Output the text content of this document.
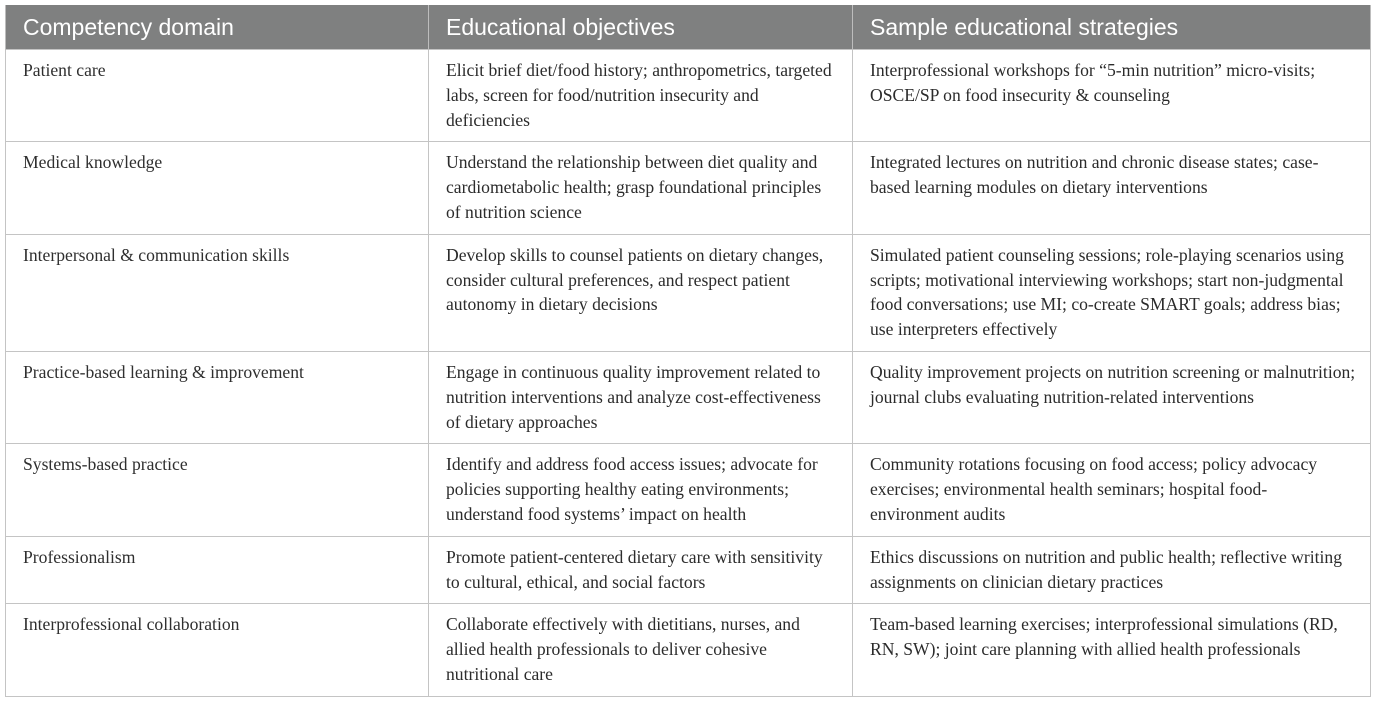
Competency domain	Educational objectives	Sample educational strategies
Patient care	Elicit brief diet/food history; anthropometrics, targeted labs, screen for food/nutrition insecurity and deficiencies	Interprofessional workshops for “5-min nutrition” micro-visits; OSCE/SP on food insecurity & counseling
Medical knowledge	Understand the relationship between diet quality and cardiometabolic health; grasp foundational principles of nutrition science	Integrated lectures on nutrition and chronic disease states; case-based learning modules on dietary interventions
Interpersonal & communication skills	Develop skills to counsel patients on dietary changes, consider cultural preferences, and respect patient autonomy in dietary decisions	Simulated patient counseling sessions; role-playing scenarios using scripts; motivational interviewing workshops; start non-judgmental food conversations; use MI; co-create SMART goals; address bias; use interpreters effectively
Practice-based learning & improvement	Engage in continuous quality improvement related to nutrition interventions and analyze cost-effectiveness of dietary approaches	Quality improvement projects on nutrition screening or malnutrition; journal clubs evaluating nutrition-related interventions
Systems-based practice	Identify and address food access issues; advocate for policies supporting healthy eating environments; understand food systems’ impact on health	Community rotations focusing on food access; policy advocacy exercises; environmental health seminars; hospital food-environment audits
Professionalism	Promote patient-centered dietary care with sensitivity to cultural, ethical, and social factors	Ethics discussions on nutrition and public health; reflective writing assignments on clinician dietary practices
Interprofessional collaboration	Collaborate effectively with dietitians, nurses, and allied health professionals to deliver cohesive nutritional care	Team-based learning exercises; interprofessional simulations (RD, RN, SW); joint care planning with allied health professionals
